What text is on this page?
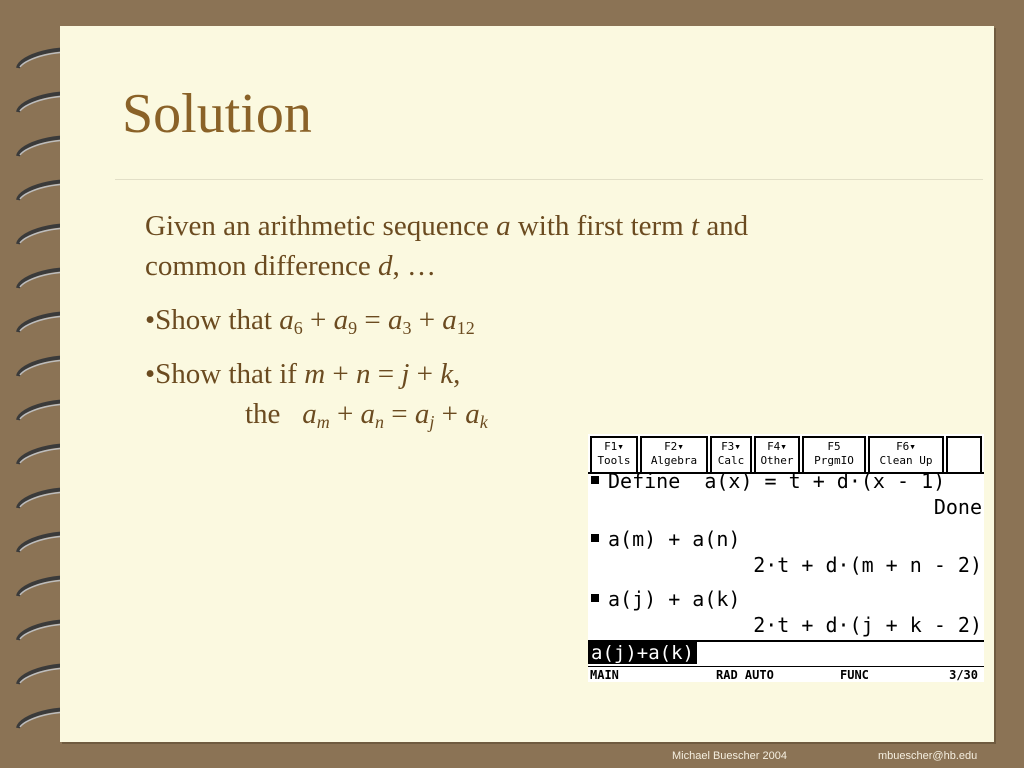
Solution

Given an arithmetic sequence a with first term t and
common difference d, …

•Show that $a_6 + a_9 = a_3 + a_{12}$

•Show that if m + n = j + k,
the $a_m + a_n = a_j + a_k$

F1▾
Tools
F2▾
Algebra
F3▾
Calc
F4▾
Other
F5
PrgmIO
F6▾
Clean Up
Define  a(x) = t + d·(x - 1)
Done
a(m) + a(n)
2·t + d·(m + n - 2)
a(j) + a(k)
2·t + d·(j + k - 2)
a(j)+a(k)
MAIN	RAD AUTO	FUNC	3/30
Michael Buescher 2004	mbuescher@hb.edu
